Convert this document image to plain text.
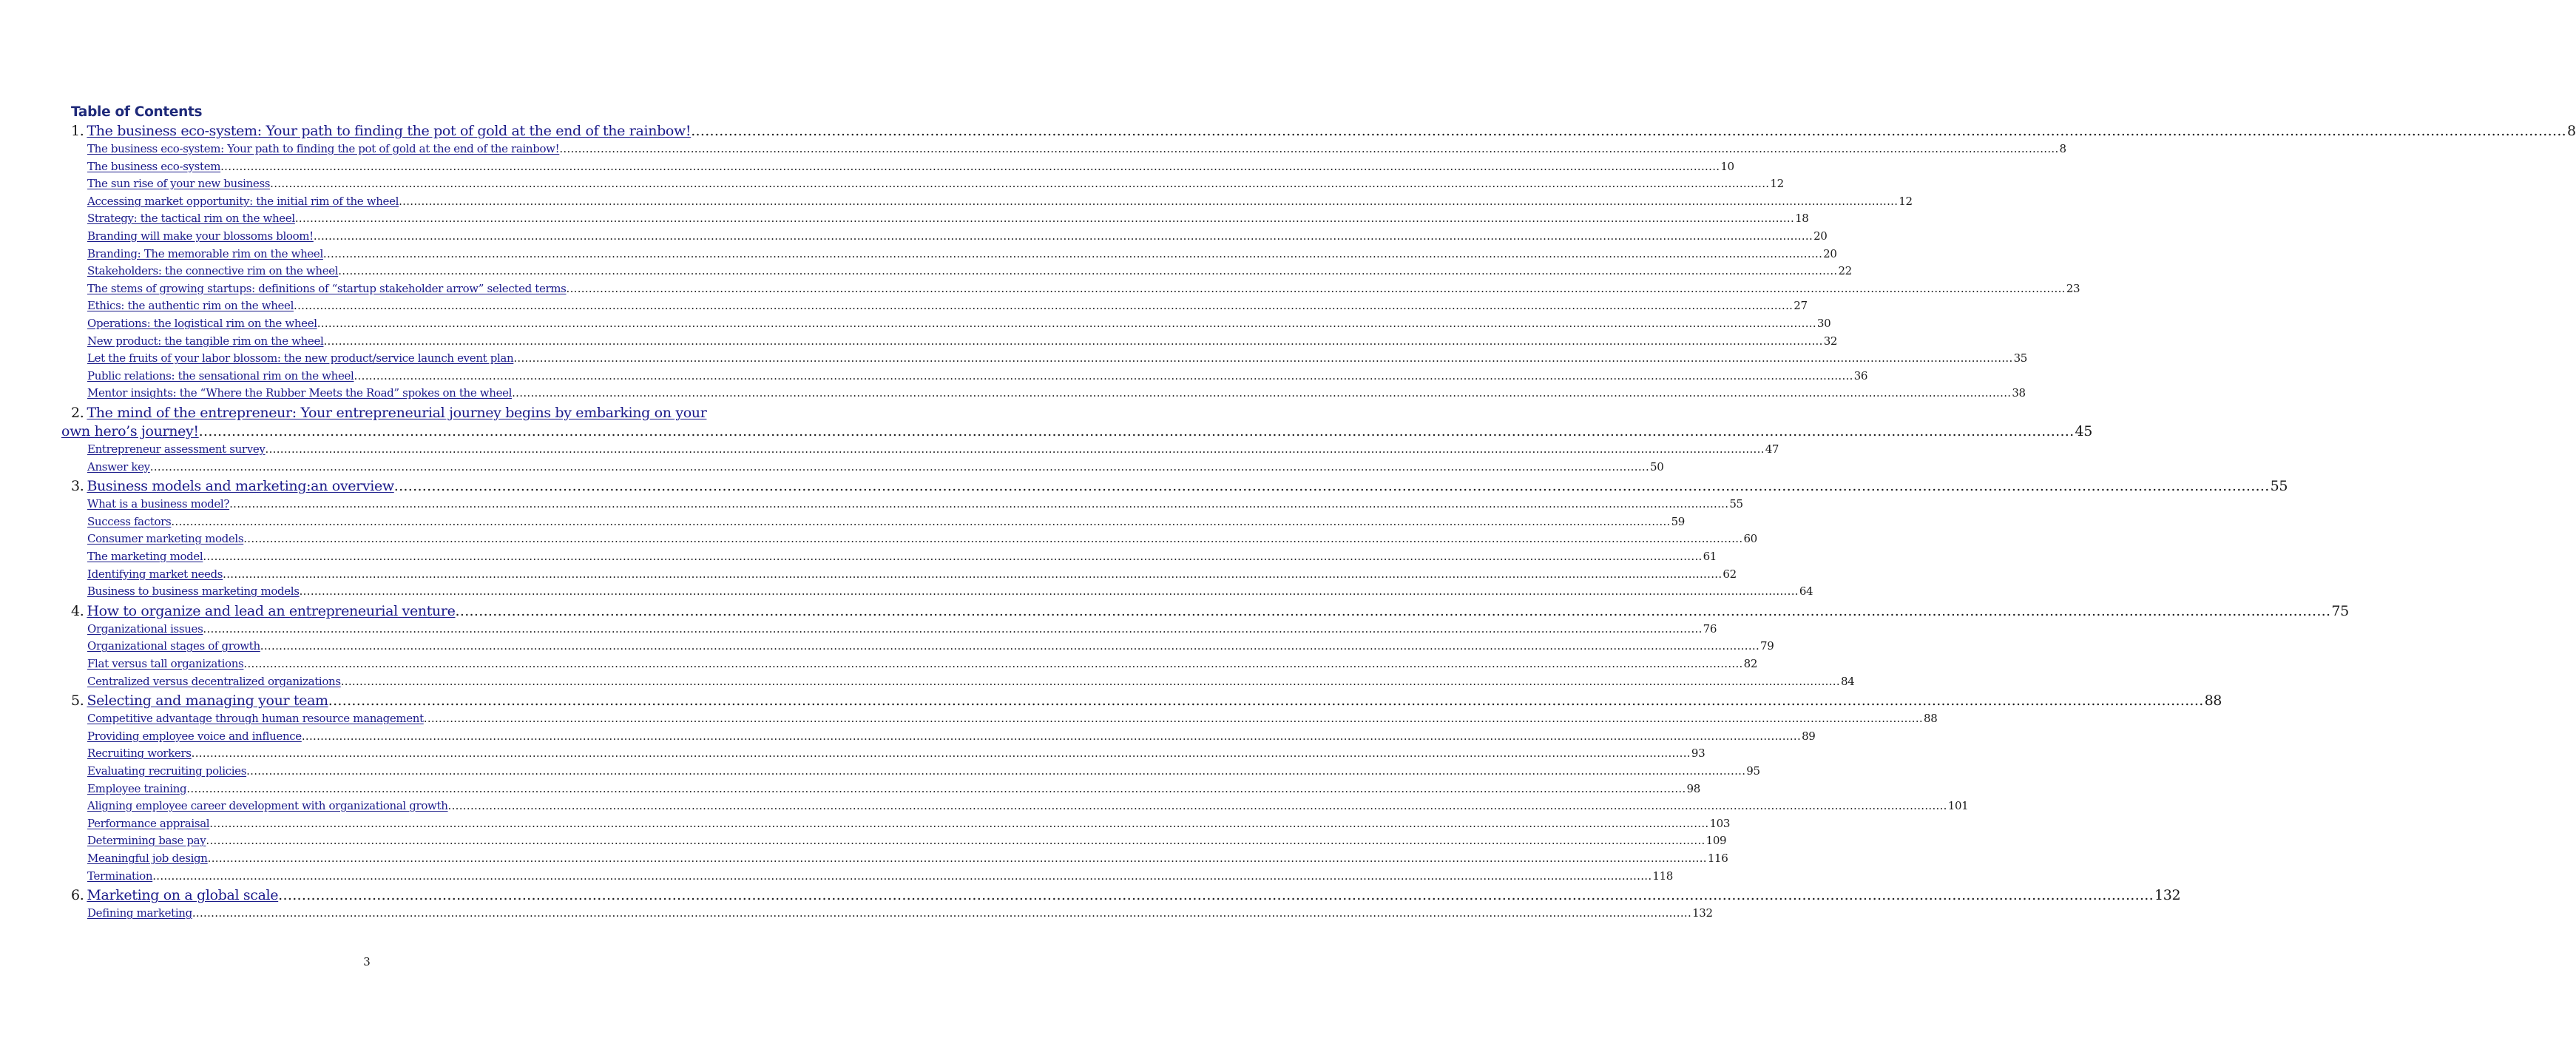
Table of Contents
1. The business eco-system: Your path to finding the pot of gold at the end of the rainbow! ................................................................................................................................................................................................................................................................................................................................................................................................................ 8
The business eco-system: Your path to finding the pot of gold at the end of the rainbow! ................................................................................................................................................................................................................................................................................................................................................................................................................ 8
The business eco-system ................................................................................................................................................................................................................................................................................................................................................................................................................ 10
The sun rise of your new business ................................................................................................................................................................................................................................................................................................................................................................................................................ 12
Accessing market opportunity: the initial rim of the wheel ................................................................................................................................................................................................................................................................................................................................................................................................................ 12
Strategy: the tactical rim on the wheel ................................................................................................................................................................................................................................................................................................................................................................................................................ 18
Branding will make your blossoms bloom! ................................................................................................................................................................................................................................................................................................................................................................................................................ 20
Branding: The memorable rim on the wheel ................................................................................................................................................................................................................................................................................................................................................................................................................ 20
Stakeholders: the connective rim on the wheel ................................................................................................................................................................................................................................................................................................................................................................................................................ 22
The stems of growing startups: definitions of “startup stakeholder arrow” selected terms ................................................................................................................................................................................................................................................................................................................................................................................................................ 23
Ethics: the authentic rim on the wheel ................................................................................................................................................................................................................................................................................................................................................................................................................ 27
Operations: the logistical rim on the wheel ................................................................................................................................................................................................................................................................................................................................................................................................................ 30
New product: the tangible rim on the wheel ................................................................................................................................................................................................................................................................................................................................................................................................................ 32
Let the fruits of your labor blossom: the new product/service launch event plan ................................................................................................................................................................................................................................................................................................................................................................................................................ 35
Public relations: the sensational rim on the wheel ................................................................................................................................................................................................................................................................................................................................................................................................................ 36
Mentor insights: the “Where the Rubber Meets the Road” spokes on the wheel ................................................................................................................................................................................................................................................................................................................................................................................................................ 38
2. The mind of the entrepreneur: Your entrepreneurial journey begins by embarking on your
own hero’s journey! ................................................................................................................................................................................................................................................................................................................................................................................................................ 45
Entrepreneur assessment survey ................................................................................................................................................................................................................................................................................................................................................................................................................ 47
Answer key ................................................................................................................................................................................................................................................................................................................................................................................................................ 50
3. Business models and marketing:an overview ................................................................................................................................................................................................................................................................................................................................................................................................................ 55
What is a business model? ................................................................................................................................................................................................................................................................................................................................................................................................................ 55
Success factors ................................................................................................................................................................................................................................................................................................................................................................................................................ 59
Consumer marketing models ................................................................................................................................................................................................................................................................................................................................................................................................................ 60
The marketing model ................................................................................................................................................................................................................................................................................................................................................................................................................ 61
Identifying market needs ................................................................................................................................................................................................................................................................................................................................................................................................................ 62
Business to business marketing models ................................................................................................................................................................................................................................................................................................................................................................................................................ 64
4. How to organize and lead an entrepreneurial venture ................................................................................................................................................................................................................................................................................................................................................................................................................ 75
Organizational issues ................................................................................................................................................................................................................................................................................................................................................................................................................ 76
Organizational stages of growth ................................................................................................................................................................................................................................................................................................................................................................................................................ 79
Flat versus tall organizations ................................................................................................................................................................................................................................................................................................................................................................................................................ 82
Centralized versus decentralized organizations ................................................................................................................................................................................................................................................................................................................................................................................................................ 84
5. Selecting and managing your team ................................................................................................................................................................................................................................................................................................................................................................................................................ 88
Competitive advantage through human resource management ................................................................................................................................................................................................................................................................................................................................................................................................................ 88
Providing employee voice and influence ................................................................................................................................................................................................................................................................................................................................................................................................................ 89
Recruiting workers ................................................................................................................................................................................................................................................................................................................................................................................................................ 93
Evaluating recruiting policies ................................................................................................................................................................................................................................................................................................................................................................................................................ 95
Employee training ................................................................................................................................................................................................................................................................................................................................................................................................................ 98
Aligning employee career development with organizational growth ................................................................................................................................................................................................................................................................................................................................................................................................................ 101
Performance appraisal ................................................................................................................................................................................................................................................................................................................................................................................................................ 103
Determining base pay ................................................................................................................................................................................................................................................................................................................................................................................................................ 109
Meaningful job design ................................................................................................................................................................................................................................................................................................................................................................................................................ 116
Termination ................................................................................................................................................................................................................................................................................................................................................................................................................ 118
6. Marketing on a global scale ................................................................................................................................................................................................................................................................................................................................................................................................................ 132
Defining marketing ................................................................................................................................................................................................................................................................................................................................................................................................................ 132
3
